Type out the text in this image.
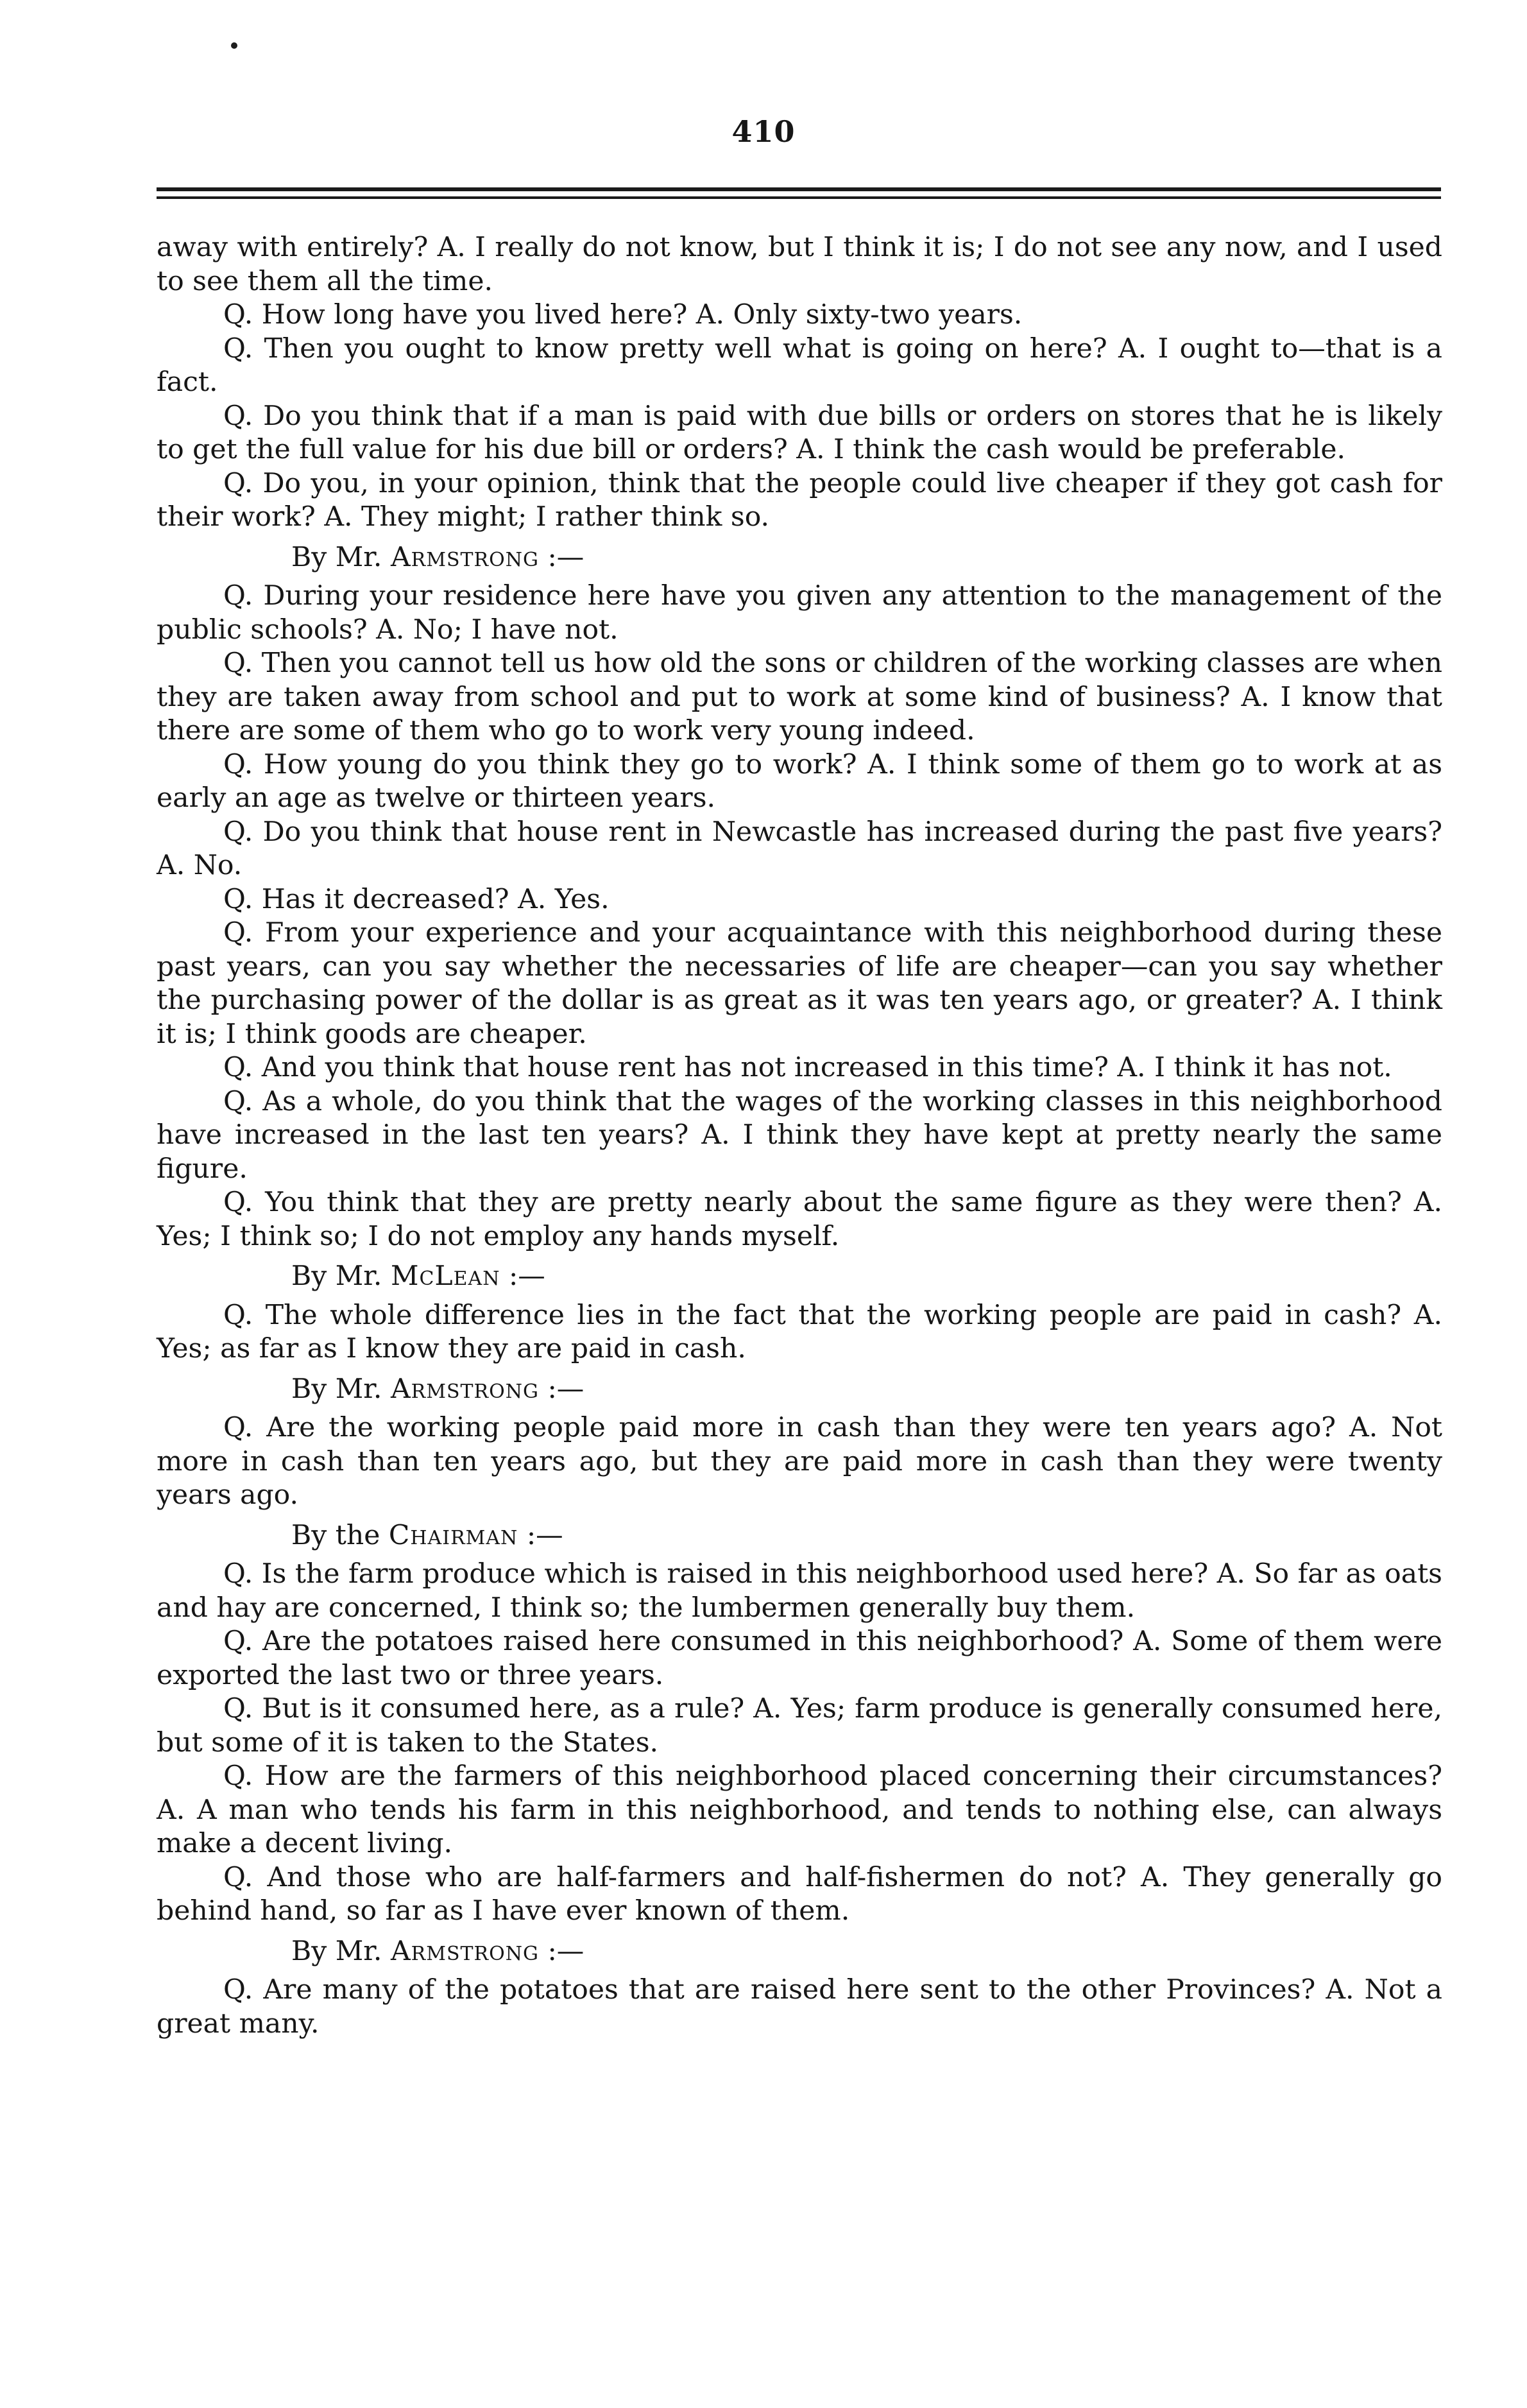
410

away with entirely? A. I really do not know, but I think it is; I do not see any now, and I used to see them all the time.

Q. How long have you lived here? A. Only sixty-two years.

Q. Then you ought to know pretty well what is going on here? A. I ought to—that is a fact.

Q. Do you think that if a man is paid with due bills or orders on stores that he is likely to get the full value for his due bill or orders? A. I think the cash would be preferable.

Q. Do you, in your opinion, think that the people could live cheaper if they got cash for their work? A. They might; I rather think so.

By Mr. Armstrong :—

Q. During your residence here have you given any attention to the management of the public schools? A. No; I have not.

Q. Then you cannot tell us how old the sons or children of the working classes are when they are taken away from school and put to work at some kind of business? A. I know that there are some of them who go to work very young indeed.

Q. How young do you think they go to work? A. I think some of them go to work at as early an age as twelve or thirteen years.

Q. Do you think that house rent in Newcastle has increased during the past five years? A. No.

Q. Has it decreased? A. Yes.

Q. From your experience and your acquaintance with this neighborhood during these past years, can you say whether the necessaries of life are cheaper—can you say whether the purchasing power of the dollar is as great as it was ten years ago, or greater? A. I think it is; I think goods are cheaper.

Q. And you think that house rent has not increased in this time? A. I think it has not.

Q. As a whole, do you think that the wages of the working classes in this neighborhood have increased in the last ten years? A. I think they have kept at pretty nearly the same figure.

Q. You think that they are pretty nearly about the same figure as they were then? A. Yes; I think so; I do not employ any hands myself.

By Mr. McLean :—

Q. The whole difference lies in the fact that the working people are paid in cash? A. Yes; as far as I know they are paid in cash.

By Mr. Armstrong :—

Q. Are the working people paid more in cash than they were ten years ago? A. Not more in cash than ten years ago, but they are paid more in cash than they were twenty years ago.

By the Chairman :—

Q. Is the farm produce which is raised in this neighborhood used here? A. So far as oats and hay are concerned, I think so; the lumbermen generally buy them.

Q. Are the potatoes raised here consumed in this neighborhood? A. Some of them were exported the last two or three years.

Q. But is it consumed here, as a rule? A. Yes; farm produce is generally consumed here, but some of it is taken to the States.

Q. How are the farmers of this neighborhood placed concerning their circumstances? A. A man who tends his farm in this neighborhood, and tends to nothing else, can always make a decent living.

Q. And those who are half-farmers and half-fishermen do not? A. They generally go behind hand, so far as I have ever known of them.

By Mr. Armstrong :—

Q. Are many of the potatoes that are raised here sent to the other Provinces? A. Not a great many.
